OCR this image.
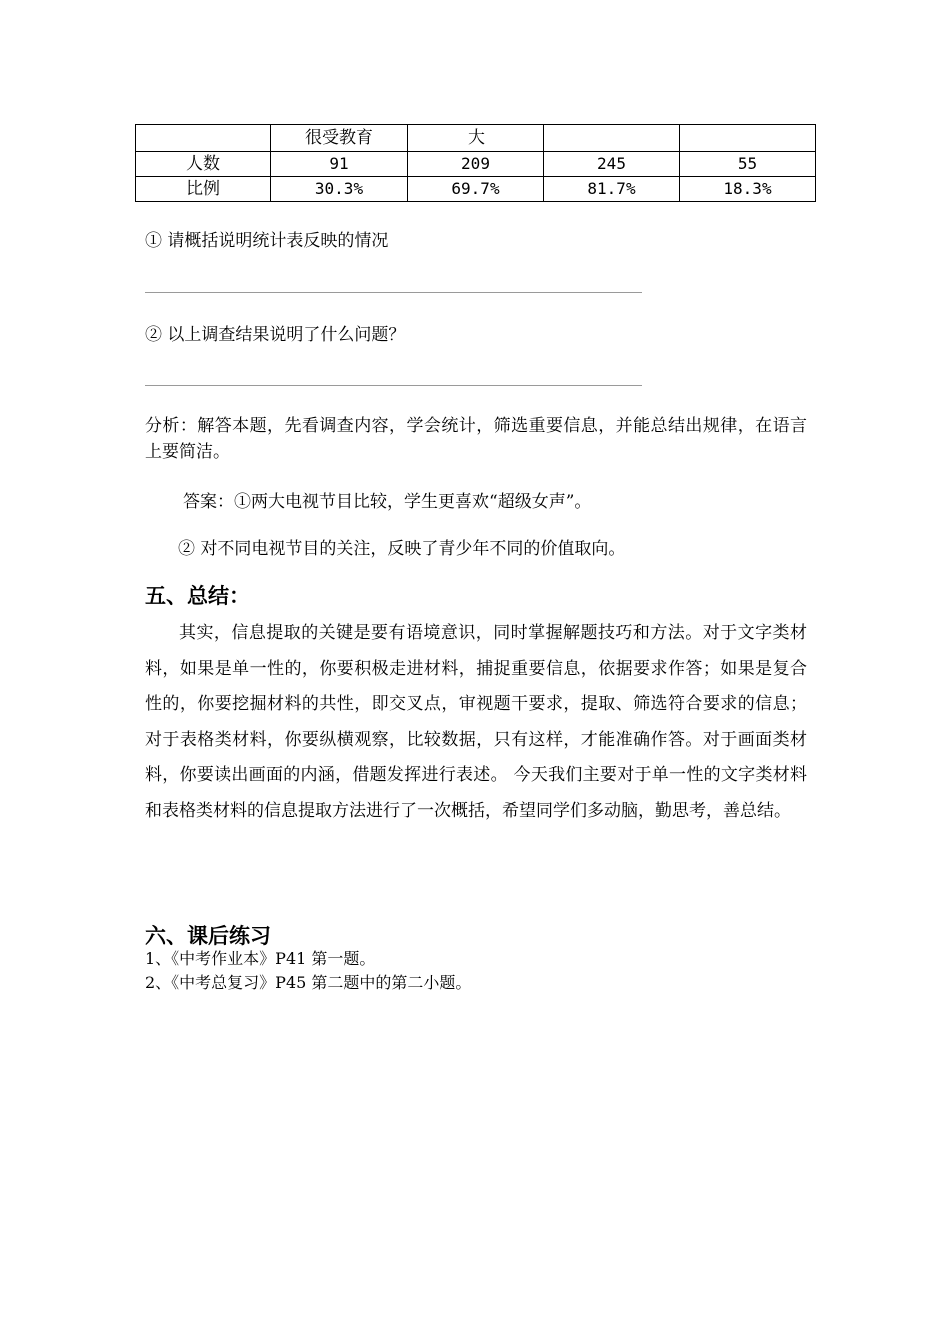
	很受教育	大		
人数	91	209	245	55
比例	30.3%	69.7%	81.7%	18.3%
① 请概括说明统计表反映的情况
② 以上调查结果说明了什么问题？
分析：解答本题，先看调查内容，学会统计，筛选重要信息，并能总结出规律，在语言上要简洁。
答案：①两大电视节目比较，学生更喜欢“超级女声”。
② 对不同电视节目的关注，反映了青少年不同的价值取向。
五、总结：
其实，信息提取的关键是要有语境意识，同时掌握解题技巧和方法。对于文字类材料，如果是单一性的，你要积极走进材料，捕捉重要信息，依据要求作答；如果是复合性的，你要挖掘材料的共性，即交叉点，审视题干要求，提取、筛选符合要求的信息；对于表格类材料，你要纵横观察，比较数据，只有这样，才能准确作答。对于画面类材料，你要读出画面的内涵，借题发挥进行表述。 今天我们主要对于单一性的文字类材料和表格类材料的信息提取方法进行了一次概括，希望同学们多动脑，勤思考，善总结。
六、课后练习
1、《中考作业本》P41 第一题。
2、《中考总复习》P45 第二题中的第二小题。
